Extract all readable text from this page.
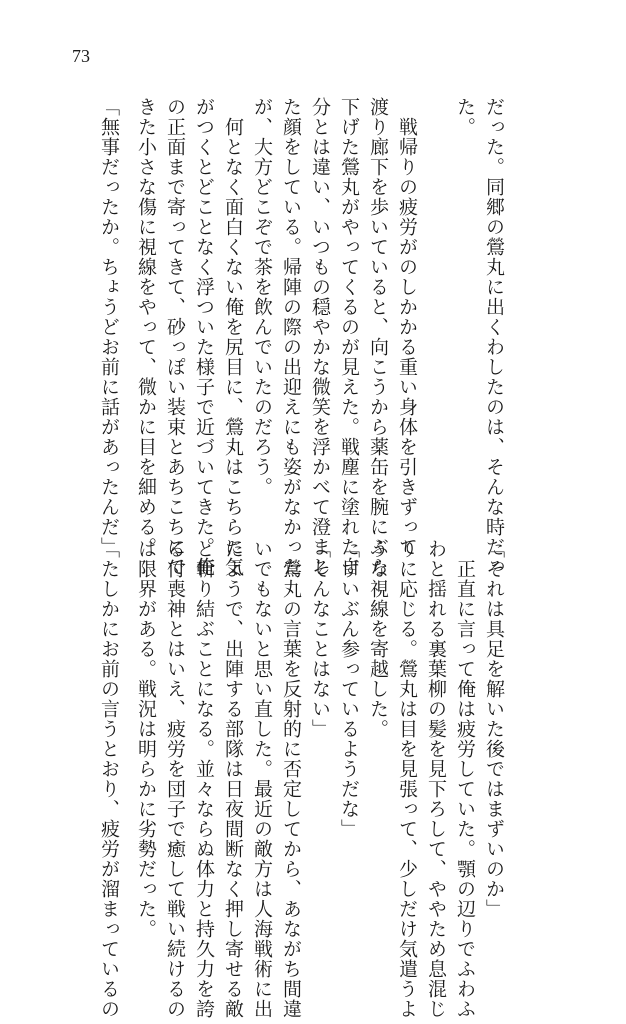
73
だった。同郷の鶯丸に出くわしたのは、そんな時だっ
た。
　戦帰りの疲労がのしかかる重い身体を引きずって
渡り廊下を歩いていると、向こうから薬缶を腕にぶら
下げた鶯丸がやってくるのが見えた。戦塵に塗れた自
分とは違い、いつもの穏やかな微笑を浮かべて澄まし
た顔をしている。帰陣の際の出迎えにも姿がなかった
が、大方どこぞで茶を飲んでいたのだろう。
　何となく面白くない俺を尻目に、鶯丸はこちらに気
がつくとどことなく浮ついた様子で近づいてきた。俺
の正面まで寄ってきて、砂っぽい装束とあちこちにで
きた小さな傷に視線をやって、微かに目を細める。
「無事だったか。ちょうどお前に話があったんだ」
「それは具足を解いた後ではまずいのか」
　正直に言って俺は疲労していた。顎の辺りでふわふ
わと揺れる裏葉柳の髪を見下ろして、ややため息混じ
りに応じる。鶯丸は目を見張って、少しだけ気遣うよ
うな視線を寄越した。
「ずいぶん参っているようだな」
「そんなことはない」
　鶯丸の言葉を反射的に否定してから、あながち間違
いでもないと思い直した。最近の敵方は人海戦術に出
たようで、出陣する部隊は日夜間断なく押し寄せる敵
と斬り結ぶことになる。並々ならぬ体力と持久力を誇
る付喪神とはいえ、疲労を団子で癒して戦い続けるの
は限界がある。戦況は明らかに劣勢だった。
「たしかにお前の言うとおり、疲労が溜まっているの
